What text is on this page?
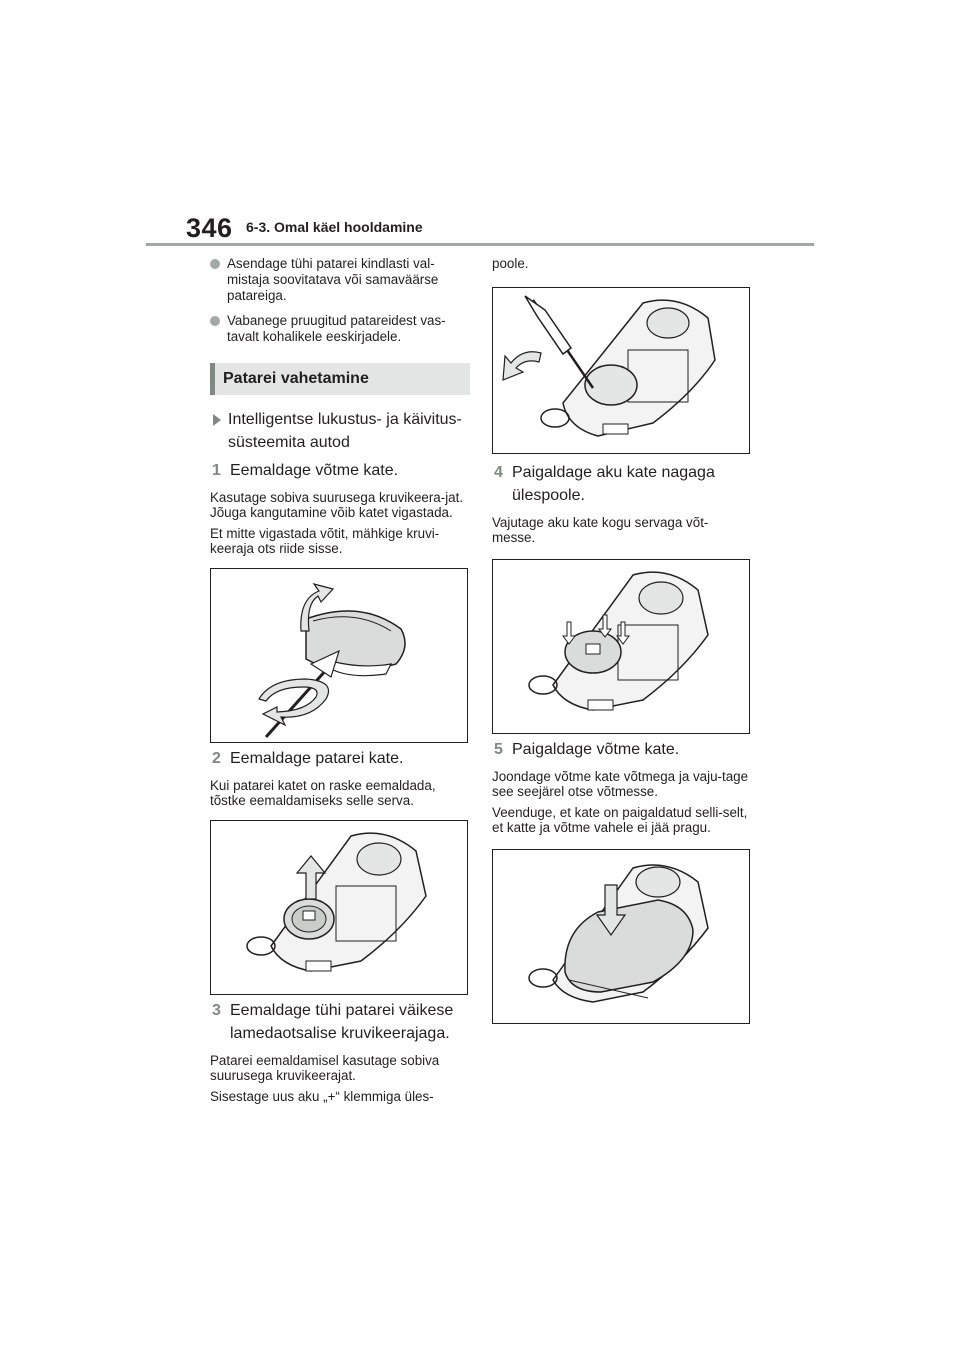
346 6-3. Omal käel hooldamine
Asendage tühi patarei kindlasti val-mistaja soovitatava või samaväärse patareiga.
Vabanege pruugitud patareidest vas-tavalt kohalikele eeskirjadele.
Patarei vahetamine
Intelligentse lukustus- ja käivitus-süsteemita autod
1 Eemaldage võtme kate.
Kasutage sobiva suurusega kruvikeera-jat. Jõuga kangutamine võib katet vigastada.
Et mitte vigastada võtit, mähkige kruvi-keeraja ots riide sisse.
2 Eemaldage patarei kate.
Kui patarei katet on raske eemaldada, tõstke eemaldamiseks selle serva.
3 Eemaldage tühi patarei väikese lamedaotsalise kruvikeerajaga.
Patarei eemaldamisel kasutage sobiva suurusega kruvikeerajat.
Sisestage uus aku „+“ klemmiga üles-
poole.
4 Paigaldage aku kate nagaga ülespoole.
Vajutage aku kate kogu servaga võt-messe.
5 Paigaldage võtme kate.
Joondage võtme kate võtmega ja vaju-tage see seejärel otse võtmesse.
Veenduge, et kate on paigaldatud selli-selt, et katte ja võtme vahele ei jää pragu.
